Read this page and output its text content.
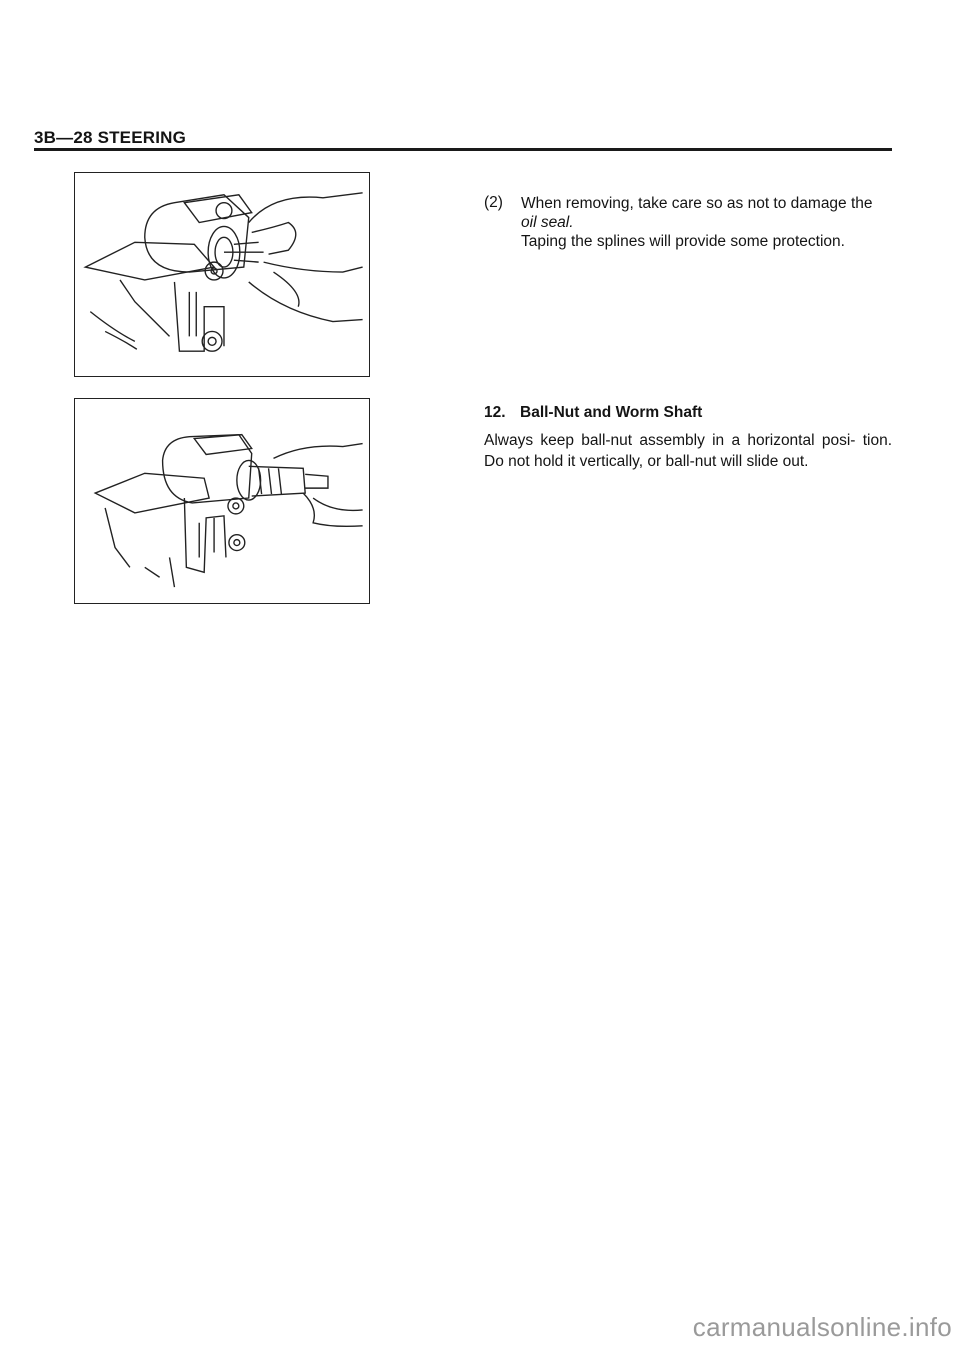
3B—28 STEERING
(2) When removing, take care so as not to damage the
oil seal.
Taping the splines will provide some protection.
12. Ball-Nut and Worm Shaft
Always keep ball-nut assembly in a horizontal posi- tion. Do not hold it vertically, or ball-nut will slide out.
carmanualsonline.info
